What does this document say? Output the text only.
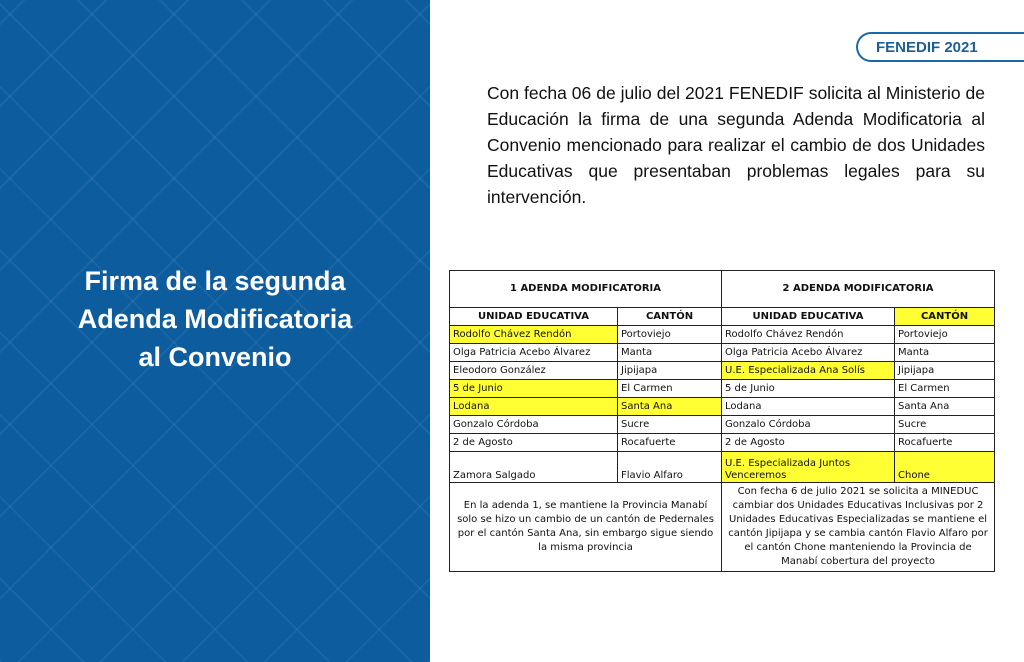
Firma de la segunda
Adenda Modificatoria
al Convenio
FENEDIF 2021
Con fecha 06 de julio del 2021 FENEDIF solicita al Ministerio de Educación la firma de una segunda Adenda Modificatoria al Convenio mencionado para realizar el cambio de dos Unidades Educativas que presentaban problemas legales para su intervención.
1 ADENDA MODIFICATORIA		2 ADENDA MODIFICATORIA	
UNIDAD EDUCATIVA	CANTÓN	UNIDAD EDUCATIVA	CANTÓN
Rodolfo Chávez Rendón	Portoviejo	Rodolfo Chávez Rendón	Portoviejo
Olga Patricia Acebo Álvarez	Manta	Olga Patricia Acebo Álvarez	Manta
Eleodoro González	Jipijapa	U.E. Especializada Ana Solís	Jipijapa
5 de Junio	El Carmen	5 de Junio	El Carmen
Lodana	Santa Ana	Lodana	Santa Ana
Gonzalo Córdoba	Sucre	Gonzalo Córdoba	Sucre
2 de Agosto	Rocafuerte	2 de Agosto	Rocafuerte
Zamora Salgado	Flavio Alfaro	U.E. Especializada Juntos Venceremos	Chone
En la adenda 1, se mantiene la Provincia Manabí solo se hizo un cambio de un cantón de Pedernales por el cantón Santa Ana, sin embargo sigue siendo la misma provincia		Con fecha 6 de julio 2021 se solicita a MINEDUC cambiar dos Unidades Educativas Inclusivas por 2 Unidades Educativas Especializadas se mantiene el cantón Jipijapa y se cambia cantón Flavio Alfaro por el cantón Chone manteniendo la Provincia de Manabí cobertura del proyecto	
